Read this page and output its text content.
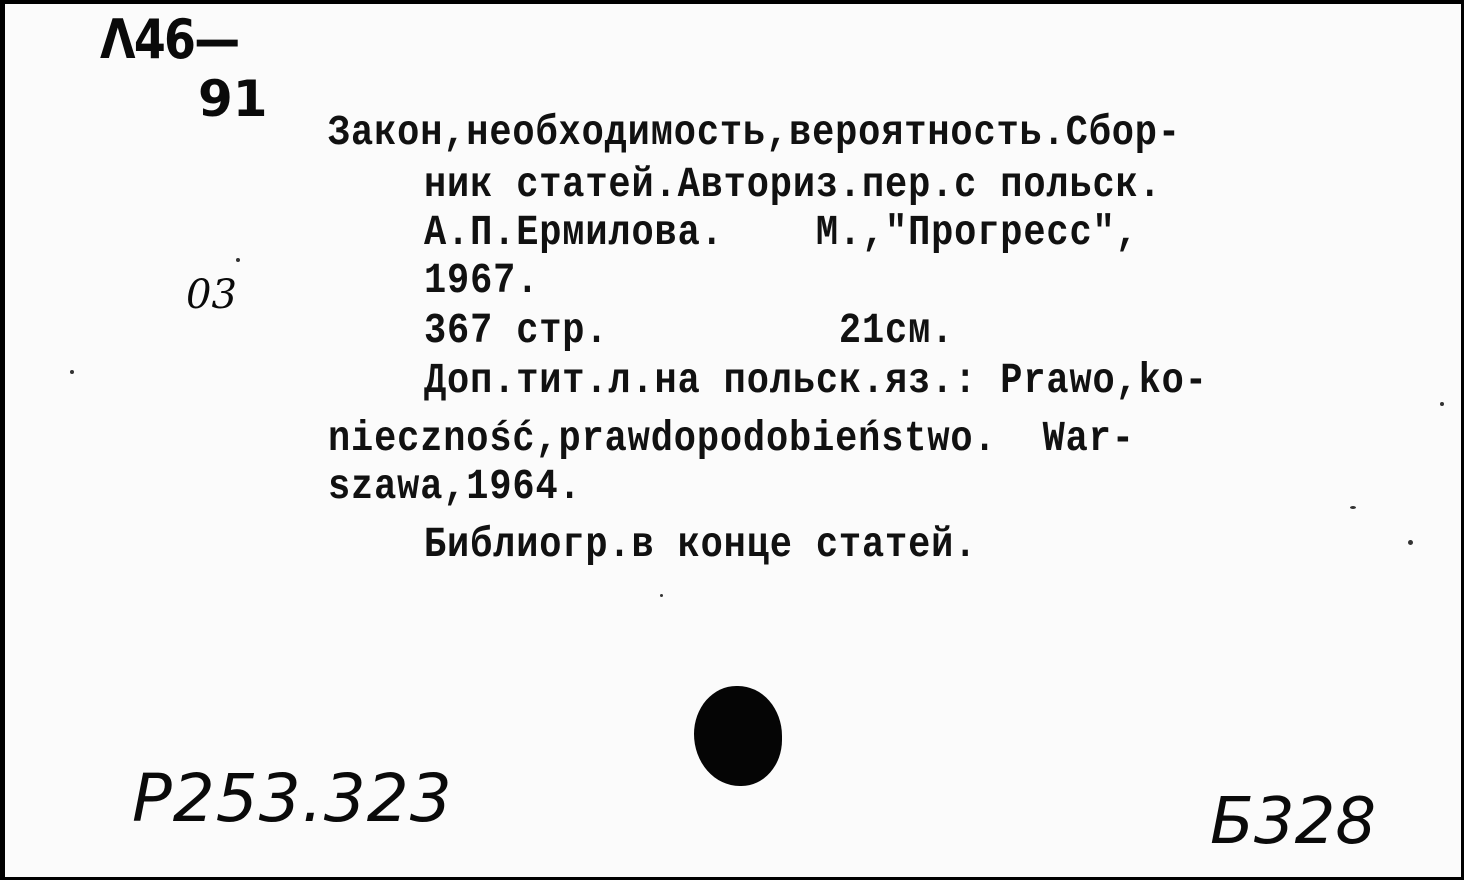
Λ46—
91
03
Закон,необходимость,вероятность.Сбор-
ник статей.Авториз.пер.с польск.
А.П.Ермилова.    М.,"Прогресс",
1967.
367 стр.          21см.
Доп.тит.л.на польск.яз.: Prawo,ko-
nieczność,prawdopodobieństwo.  War-
szawa,1964.
Библиогр.в конце статей.
P253.323	Б328
